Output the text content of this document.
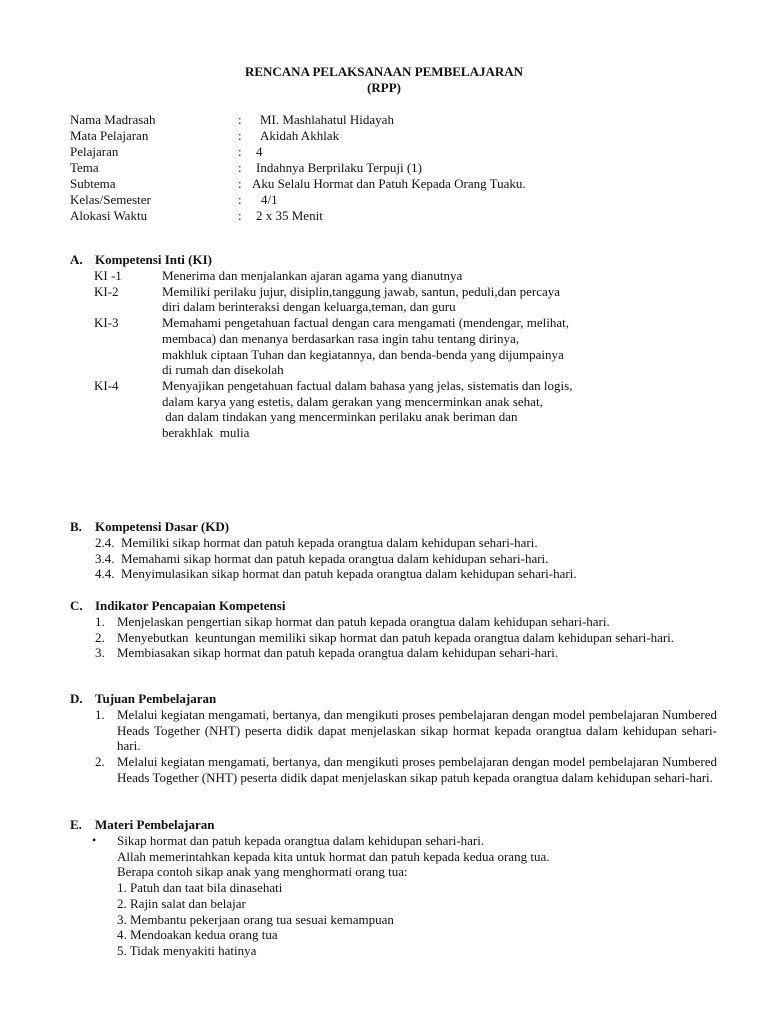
RENCANA PELAKSANAAN PEMBELAJARAN
(RPP)
Nama Madrasah	: MI. Mashlahatul Hidayah
Mata Pelajaran	: Akidah Akhlak
Pelajaran	: 4
Tema	: Indahnya Berprilaku Terpuji (1)
Subtema	: Aku Selalu Hormat dan Patuh Kepada Orang Tuaku.
Kelas/Semester	: 4/1
Alokasi Waktu	: 2 x 35 Menit
A. Kompetensi Inti (KI)
KI -1	Menerima dan menjalankan ajaran agama yang dianutnya
KI-2	Memiliki perilaku jujur, disiplin,tanggung jawab, santun, peduli,dan percaya
diri dalam berinteraksi dengan keluarga,teman, dan guru
KI-3	Memahami pengetahuan factual dengan cara mengamati (mendengar, melihat, membaca) dan menanya berdasarkan rasa ingin tahu tentang dirinya,
makhluk ciptaan Tuhan dan kegiatannya, dan benda-benda yang dijumpainya
di rumah dan disekolah
KI-4	Menyajikan pengetahuan factual dalam bahasa yang jelas, sistematis dan logis,
dalam karya yang estetis, dalam gerakan yang mencerminkan anak sehat,
dan dalam tindakan yang mencerminkan perilaku anak beriman dan
berakhlak  mulia
B. Kompetensi Dasar (KD)
2.4.  Memiliki sikap hormat dan patuh kepada orangtua dalam kehidupan sehari-hari.
3.4.  Memahami sikap hormat dan patuh kepada orangtua dalam kehidupan sehari-hari.
4.4.  Menyimulasikan sikap hormat dan patuh kepada orangtua dalam kehidupan sehari-hari.
C. Indikator Pencapaian Kompetensi
1. Menjelaskan pengertian sikap hormat dan patuh kepada orangtua dalam kehidupan sehari-hari.
2. Menyebutkan  keuntungan memiliki sikap hormat dan patuh kepada orangtua dalam kehidupan sehari-hari.
3. Membiasakan sikap hormat dan patuh kepada orangtua dalam kehidupan sehari-hari.
D. Tujuan Pembelajaran
1. Melalui kegiatan mengamati, bertanya, dan mengikuti proses pembelajaran dengan model pembelajaran Numbered Heads Together (NHT) peserta didik dapat menjelaskan sikap hormat kepada orangtua dalam kehidupan sehari-hari.
2. Melalui kegiatan mengamati, bertanya, dan mengikuti proses pembelajaran dengan model pembelajaran Numbered Heads Together (NHT) peserta didik dapat menjelaskan sikap patuh kepada orangtua dalam kehidupan sehari-hari.
E. Materi Pembelajaran
• Sikap hormat dan patuh kepada orangtua dalam kehidupan sehari-hari.
Allah memerintahkan kepada kita untuk hormat dan patuh kepada kedua orang tua.
Berapa contoh sikap anak yang menghormati orang tua:
1. Patuh dan taat bila dinasehati
2. Rajin salat dan belajar
3. Membantu pekerjaan orang tua sesuai kemampuan
4. Mendoakan kedua orang tua
5. Tidak menyakiti hatinya
